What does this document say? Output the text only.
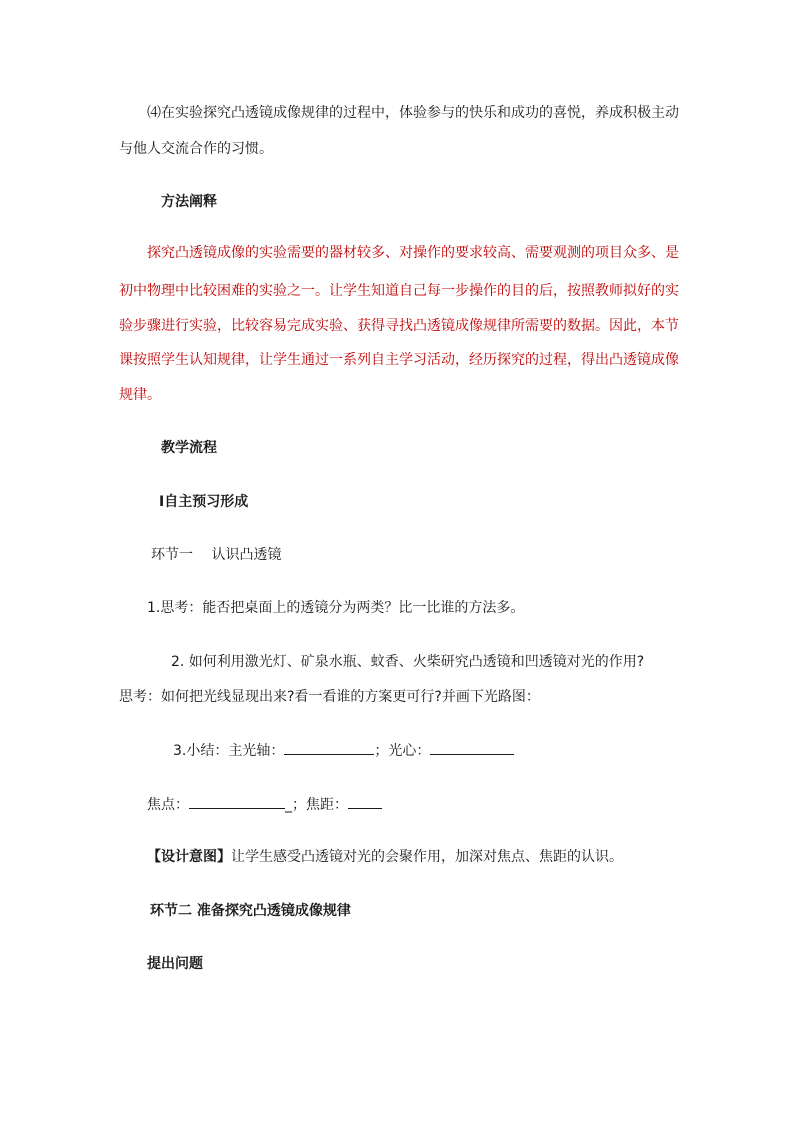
⑷在实验探究凸透镜成像规律的过程中，体验参与的快乐和成功的喜悦，养成积极主动
与他人交流合作的习惯。
方法阐释
探究凸透镜成像的实验需要的器材较多、对操作的要求较高、需要观测的项目众多、是
初中物理中比较困难的实验之一。让学生知道自己每一步操作的目的后，按照教师拟好的实
验步骤进行实验，比较容易完成实验、获得寻找凸透镜成像规律所需要的数据。因此，本节
课按照学生认知规律，让学生通过一系列自主学习活动，经历探究的过程，得出凸透镜成像
规律。
教学流程
Ⅰ自主预习形成
环节一　 认识凸透镜
1.思考：能否把桌面上的透镜分为两类？比一比谁的方法多。
2. 如何利用激光灯、矿泉水瓶、蚊香、火柴研究凸透镜和凹透镜对光的作用?
思考：如何把光线显现出来?看一看谁的方案更可行?并画下光路图：
3.小结：主光轴：	；光心：
焦点：	_；焦距：
【设计意图】让学生感受凸透镜对光的会聚作用，加深对焦点、焦距的认识。
环节二 准备探究凸透镜成像规律
提出问题
